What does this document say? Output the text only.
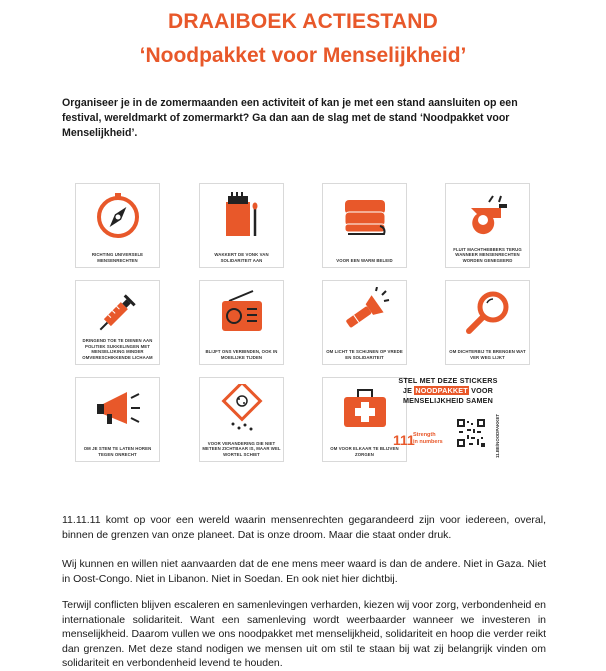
DRAAIBOEK ACTIESTAND
‘Noodpakket voor Menselijkheid’
Organiseer je in de zomermaanden een activiteit of kan je met een stand aansluiten op een festival, wereldmarkt of zomermarkt? Ga dan aan de slag met de stand ‘Noodpakket voor Menselijkheid’.
RICHTING UNIVERSELE MENSENRECHTEN
WAKKERT DE VONK VAN SOLIDARITEIT AAN	VOOR EEN WARM BELEID
FLUIT MACHTHEBBERS TERUG WANNEER MENSENRECHTEN WORDEN GENEGEERD
DRINGEND TOE TE DIENEN AAN POLITIEK SUKKELINGEN MET MENSELIJKING MINDER OMVERESCHIKKENDE LICHAAM
BLIJFT ONS VERBINDEN, OOK IN MOEILIJKE TIJDEN
OM LICHT TE SCHIJNEN OP VREDE EN SOLIDARITEIT
OM DICHTERBIJ TE BRENGEN WAT VER WEG LIJKT
OM JE STEM TE LATEN HOREN TEGEN ONRECHT
VOOR VERANDERING DIE NIET METEEN ZICHTBAAR IS, MAAR WEL WORTEL SCHIET
OM VOOR ELKAAR TE BLIJVEN ZORGEN
STEL MET DEZE STICKERS
JE NOODPAKKET VOOR
MENSELIJKHEID SAMEN
111
Strength
in numbers	11.BE/NOODPAKKET
11.11.11 komt op voor een wereld waarin mensenrechten gegarandeerd zijn voor iedereen, overal, binnen de grenzen van onze planeet. Dat is onze droom. Maar die staat onder druk.
Wij kunnen en willen niet aanvaarden dat de ene mens meer waard is dan de andere. Niet in Gaza. Niet in Oost-Congo. Niet in Libanon. Niet in Soedan. En ook niet hier dichtbij.
Terwijl conflicten blijven escaleren en samenlevingen verharden, kiezen wij voor zorg, verbondenheid en internationale solidariteit. Want een samenleving wordt weerbaarder wanneer we investeren in menselijkheid. Daarom vullen we ons noodpakket met menselijkheid, solidariteit en hoop die verder reikt dan grenzen. Met deze stand nodigen we mensen uit om stil te staan bij wat zij belangrijk vinden om solidariteit en verbondenheid levend te houden.
